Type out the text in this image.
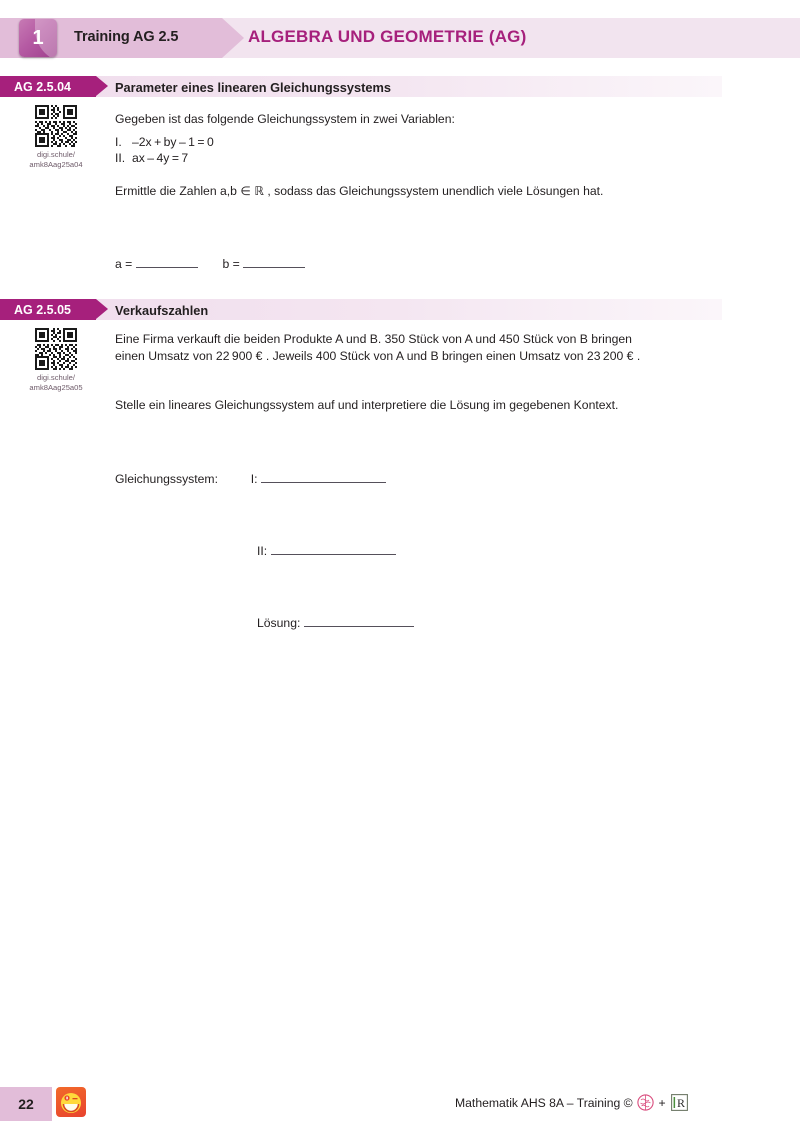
1	Training AG 2.5	ALGEBRA UND GEOMETRIE (AG)
AG 2.5.04	Parameter eines linearen Gleichungssystems
digi.schule/
amk8Aag25a04
Gegeben ist das folgende Gleichungssystem in zwei Variablen:
I. –2x + by – 1 = 0
II. ax – 4y = 7
Ermittle die Zahlen a,b ∈ ℝ , sodass das Gleichungssystem unendlich viele Lösungen hat.
a =	b =
AG 2.5.05	Verkaufszahlen
digi.schule/
amk8Aag25a05
Eine Firma verkauft die beiden Produkte A und B. 350 Stück von A und 450 Stück von B bringen
einen Umsatz von 22 900 € . Jeweils 400 Stück von A und B bringen einen Umsatz von 23 200 € .
Stelle ein lineares Gleichungssystem auf und interpretiere die Lösung im gegebenen Kontext.
Gleichungssystem:	I:
II:
Lösung:
22	Mathematik AHS 8A – Training © + R
